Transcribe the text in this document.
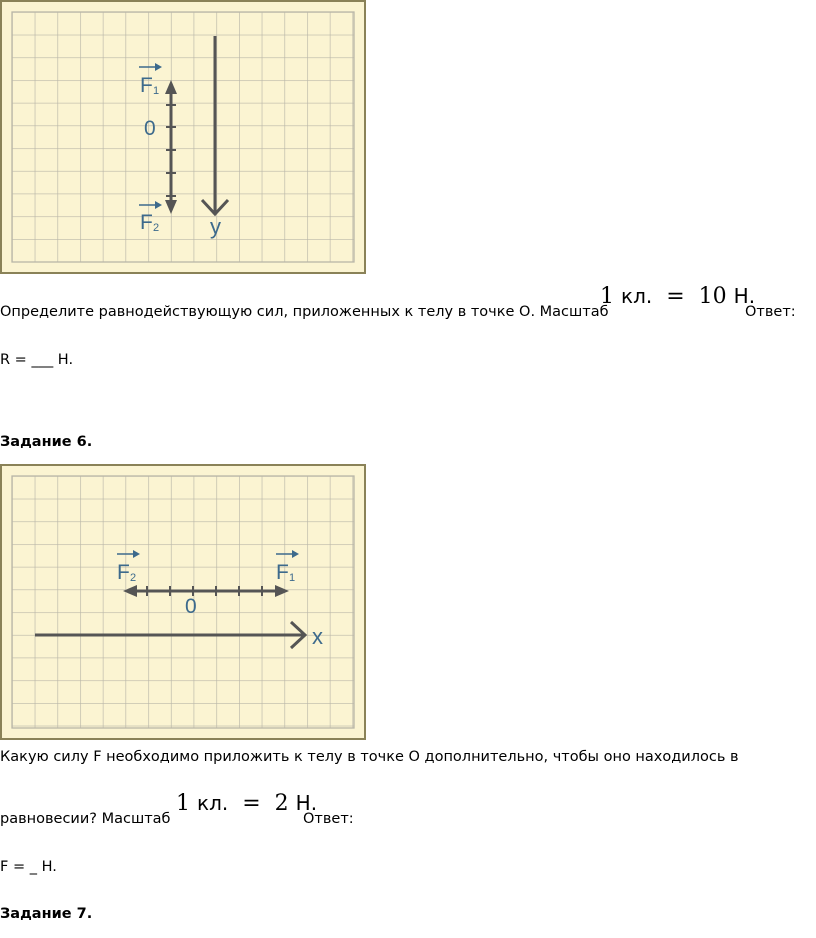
F 1
0
F 2 y
Определите равнодействующую сил, приложенных к телу в точке О. Масштаб
1 кл. = 10 Н.
Ответ:
R = ___ H.
Задание 6.
F 2	F 1
0
x
Какую силу F необходимо приложить к телу в точке О дополнительно, чтобы оно находилось в
равновесии? Масштаб
1 кл. = 2 Н.
Ответ:
F = _ H.
Задание 7.
